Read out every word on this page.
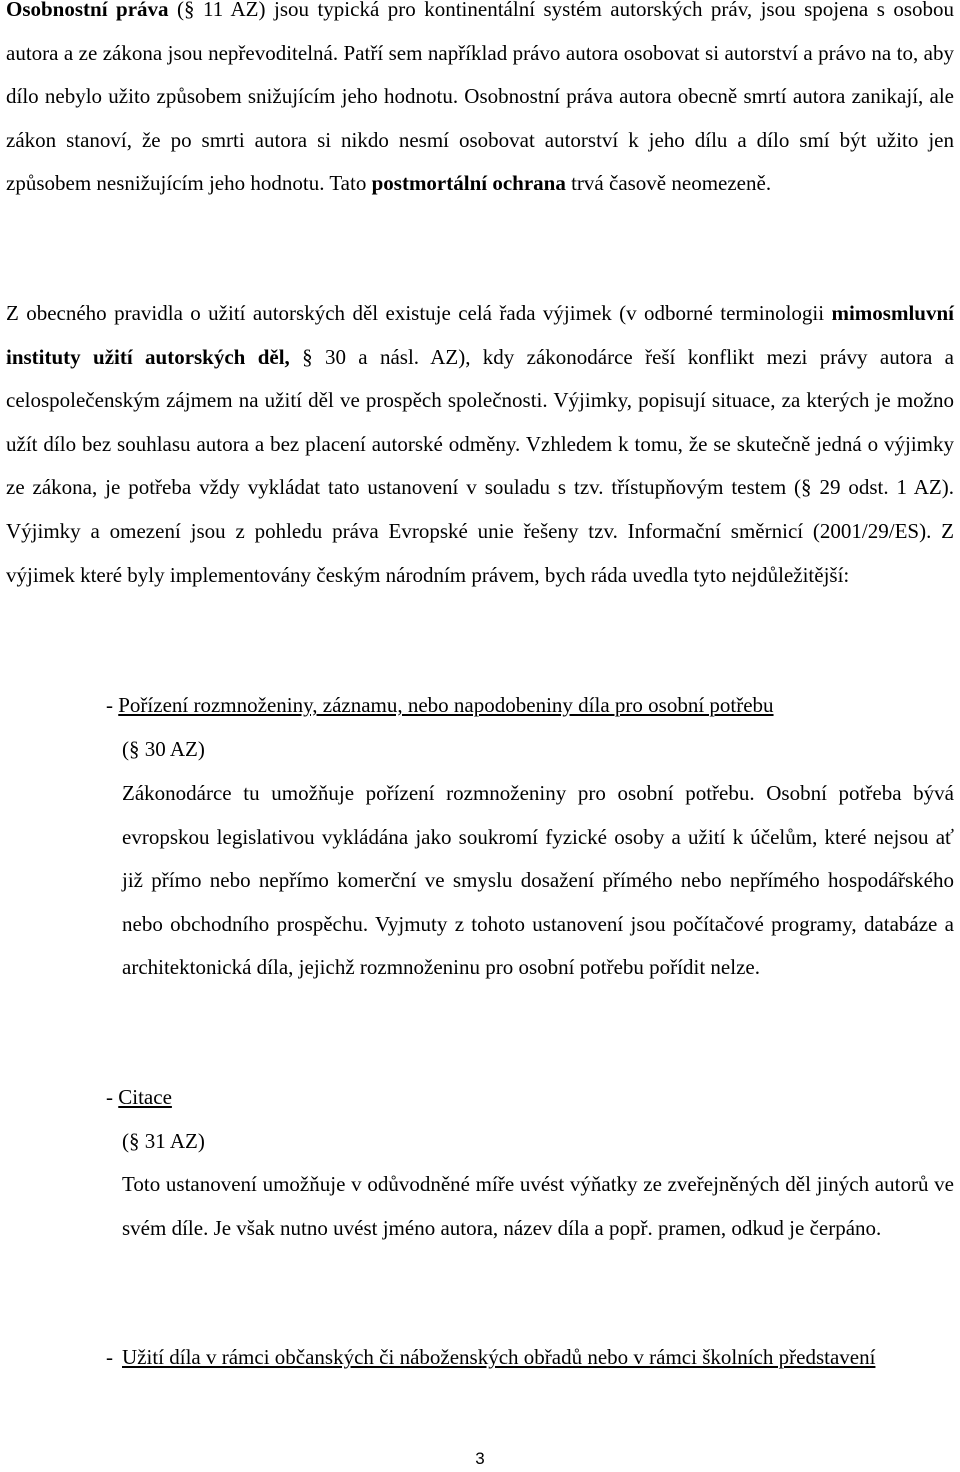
Osobnostní práva (§ 11 AZ) jsou typická pro kontinentální systém autorských práv, jsou spojena s osobou autora a ze zákona jsou nepřevoditelná. Patří sem například právo autora osobovat si autorství a právo na to, aby dílo nebylo užito způsobem snižujícím jeho hodnotu. Osobnostní práva autora obecně smrtí autora zanikají, ale zákon stanoví, že po smrti autora si nikdo nesmí osobovat autorství k jeho dílu a dílo smí být užito jen způsobem nesnižujícím jeho hodnotu. Tato postmortální ochrana trvá časově neomezeně.

Z obecného pravidla o užití autorských děl existuje celá řada výjimek (v odborné terminologii mimosmluvní instituty užití autorských děl, § 30 a násl. AZ), kdy zákonodárce řeší konflikt mezi právy autora a celospolečenským zájmem na užití děl ve prospěch společnosti. Výjimky, popisují situace, za kterých je možno užít dílo bez souhlasu autora a bez placení autorské odměny. Vzhledem k tomu, že se skutečně jedná o výjimky ze zákona, je potřeba vždy vykládat tato ustanovení v souladu s tzv. třístupňovým testem (§ 29 odst. 1 AZ). Výjimky a omezení jsou z pohledu práva Evropské unie řešeny tzv. Informační směrnicí (2001/29/ES). Z výjimek které byly implementovány českým národním právem, bych ráda uvedla tyto nejdůležitější:

- Pořízení rozmnoženiny, záznamu, nebo napodobeniny díla pro osobní potřebu

(§ 30 AZ)

Zákonodárce tu umožňuje pořízení rozmnoženiny pro osobní potřebu. Osobní potřeba bývá evropskou legislativou vykládána jako soukromí fyzické osoby a užití k účelům, které nejsou ať již přímo nebo nepřímo komerční ve smyslu dosažení přímého nebo nepřímého hospodářského nebo obchodního prospěchu. Vyjmuty z tohoto ustanovení jsou počítačové programy, databáze a architektonická díla, jejichž rozmnoženinu pro osobní potřebu pořídit nelze.

- Citace

(§ 31 AZ)

Toto ustanovení umožňuje v odůvodněné míře uvést výňatky ze zveřejněných děl jiných autorů ve svém díle. Je však nutno uvést jméno autora, název díla a popř. pramen, odkud je čerpáno.

-Užití díla v rámci občanských či náboženských obřadů nebo v rámci školních představení
3
